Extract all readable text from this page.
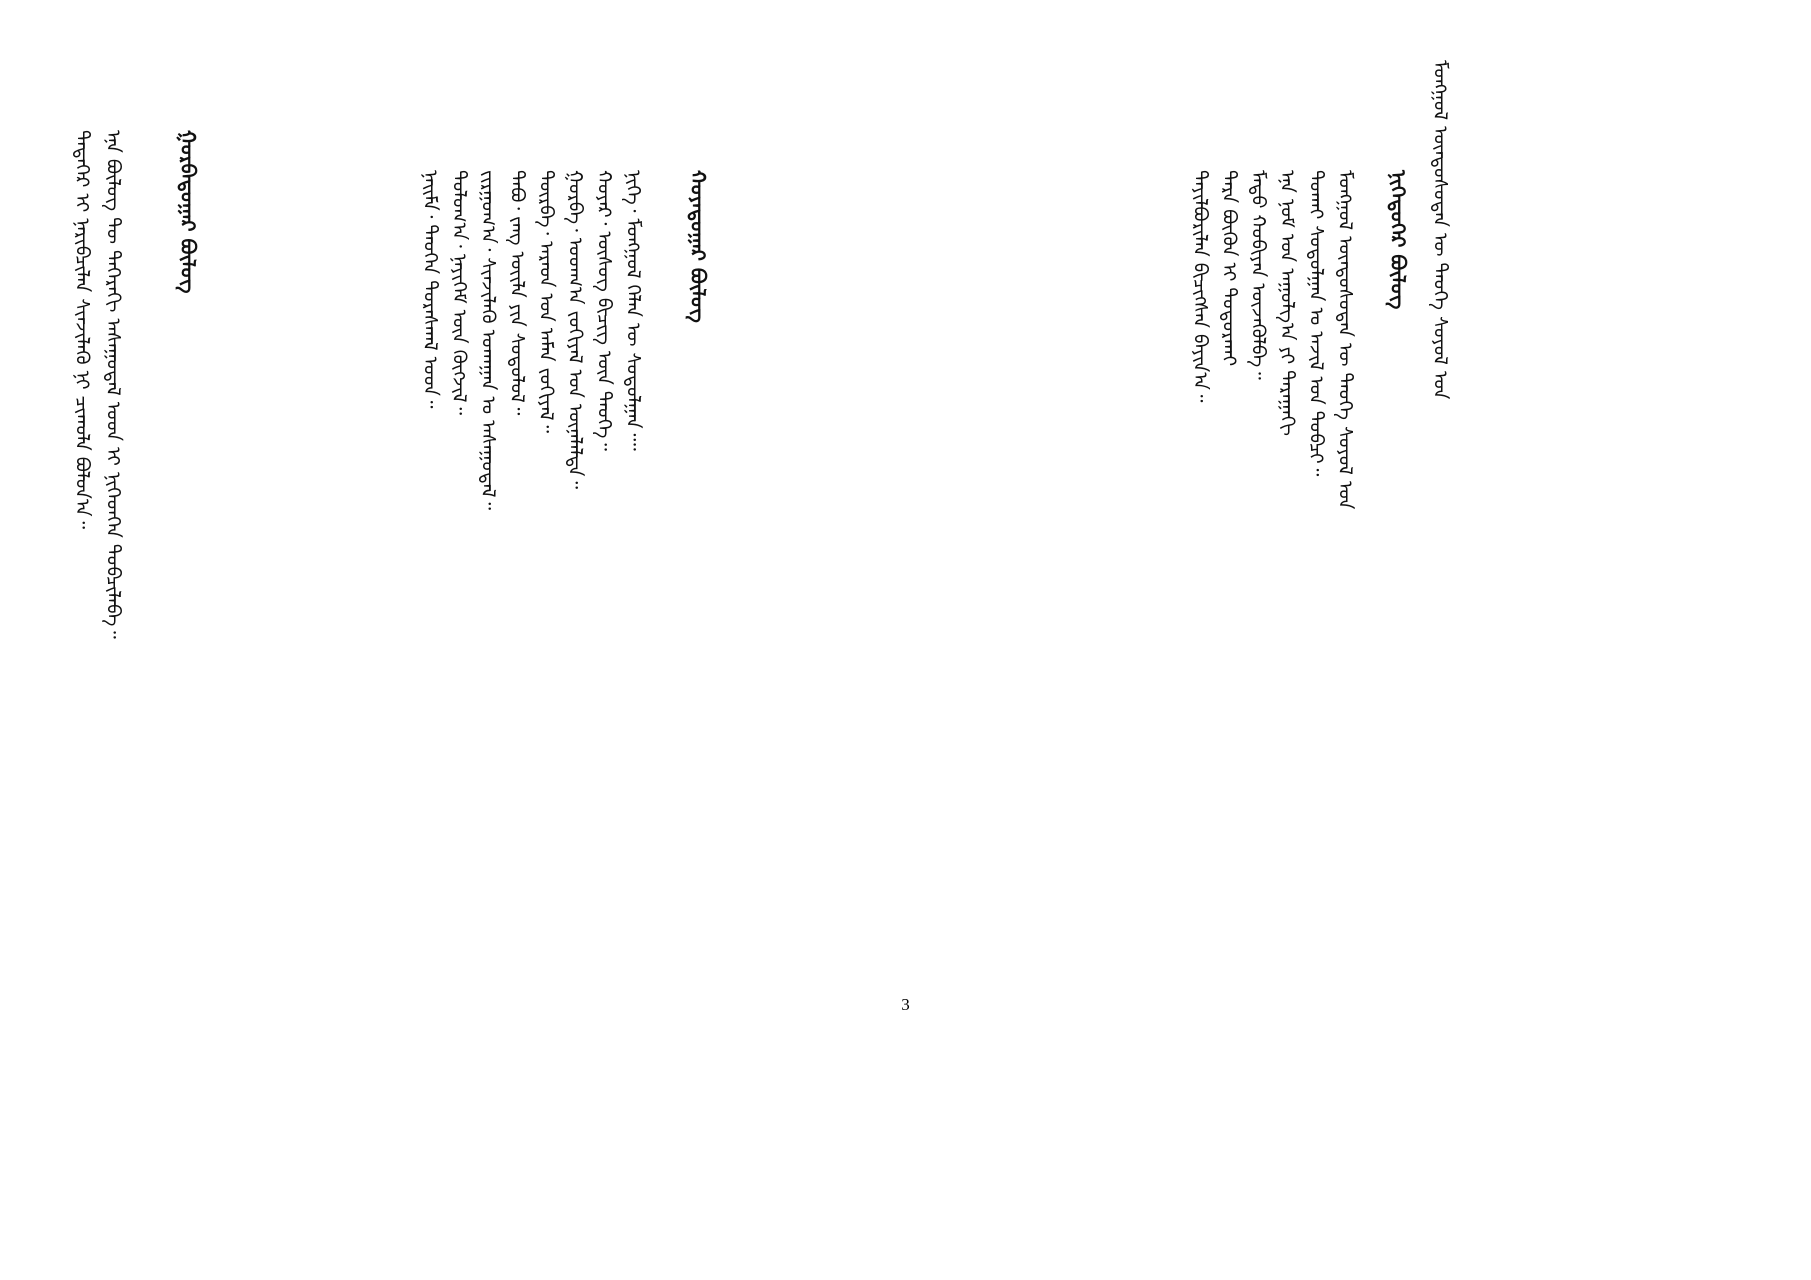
ᠨᠢᠭᠡᠳᠦᠭᠡᠷ ᠪᠦᠯᠦᠭ
ᠮᠣᠩᠭᠣᠯ ᠦᠨᠳᠦᠰᠦᠲᠡᠨ ᠦ ᠲᠡᠦᠬᠡ ᠰᠣᠶᠣᠯ ᠤᠨ
ᠲᠤᠬᠠᠢ ᠰᠤᠳᠤᠯᠭᠠᠨ ᠤ ᠠᠵᠢᠯ ᠤᠨ ᠲᠣᠪᠴᠢ᠃
ᠡᠨᠡ ᠨᠣᠮ ᠤᠨ ᠠᠭᠤᠯᠭ᠎ᠠ ᠶᠢ ᠳᠠᠷᠠᠭᠠᠬᠢ
ᠮᠡᠲᠦ ᠬᠤᠪᠢᠶᠠᠨ ᠦᠵᠡᠭᠦᠯᠪᠡ᠃
ᠲᠡᠷᠡ ᠪᠦᠬᠦᠨ ᠢ ᠲᠣᠳᠣᠷᠬᠠᠢ
ᠲᠠᠶᠢᠯᠪᠤᠷᠢᠯᠠᠨ ᠪᠢᠴᠢᠭᠰᠡᠨ ᠪᠠᠶᠢᠨ᠎ᠠ᠃	ᠮᠣᠩᠭᠣᠯ ᠦᠨᠳᠦᠰᠦᠲᠡᠨ ᠦ ᠲᠡᠦᠬᠡ ᠰᠣᠶᠣᠯ ᠤᠨ
ᠬᠣᠶᠠᠳᠤᠭᠠᠷ ᠪᠦᠯᠦᠭ
ᠨᠢᠭᠡ᠂ ᠮᠣᠩᠭᠣᠯ ᠬᠡᠯᠡᠨ ᠦ ᠰᠤᠳᠤᠯᠭᠠᠨ᠁
ᠬᠣᠶᠠᠷ᠂ ᠦᠰᠦᠭ ᠪᠢᠴᠢᠭ ᠦᠨ ᠲᠡᠦᠬᠡ᠃
ᠭᠤᠷᠪᠠ᠂ ᠤᠳᠬ᠎ᠠ ᠵᠣᠬᠢᠶᠠᠯ ᠤᠨ ᠦᠨᠡᠯᠡᠯᠲᠡ᠃
ᠳᠥᠷᠪᠡ᠂ ᠠᠷᠠᠳ ᠤᠨ ᠠᠮᠠᠨ ᠵᠣᠬᠢᠶᠠᠯ᠃
ᠲᠠᠪᠤ᠂ ᠵᠠᠩ ᠦᠢᠯᠡ ᠶᠢᠨ ᠰᠤᠳᠤᠯᠤᠯ᠃
ᠵᠢᠷᠭᠤᠭ᠎ᠠ᠂ ᠰᠢᠨᠵᠢᠯᠡᠬᠦ ᠤᠬᠠᠭᠠᠨ ᠤ ᠠᠰᠠᠭᠤᠳᠠᠯ᠃
ᠳᠣᠯᠤᠭ᠎ᠠ᠂ ᠨᠡᠶᠢᠭᠡᠮ ᠦᠨ ᠬᠥᠭᠵᠢᠯ᠃
ᠨᠠᠢᠮᠠ᠂ ᠲᠡᠦᠬᠡᠨ ᠳᠤᠷᠠᠰᠬᠠᠯ ᠤᠳ᠃
ᠭᠤᠷᠪᠠᠳᠤᠭᠠᠷ ᠪᠦᠯᠦᠭ
ᠡᠨᠡ ᠪᠦᠯᠦᠭ ᠲᠦ ᠳᠡᠭᠡᠷᠡᠬᠢ ᠠᠰᠠᠭᠤᠳᠠᠯ ᠤᠳ ᠢ ᠨᠢᠭᠡᠳᠬᠡᠨ ᠲᠣᠪᠴᠢᠯᠠᠪᠠ᠃
ᠲᠡᠳᠡᠭᠡᠷ ᠢ ᠨᠠᠷᠢᠪᠴᠢᠯᠠᠨ ᠰᠢᠨᠵᠢᠯᠡᠬᠦ ᠨᠢ ᠴᠢᠬᠤᠯᠠ ᠪᠣᠯᠤᠨ᠎ᠠ᠃
3
